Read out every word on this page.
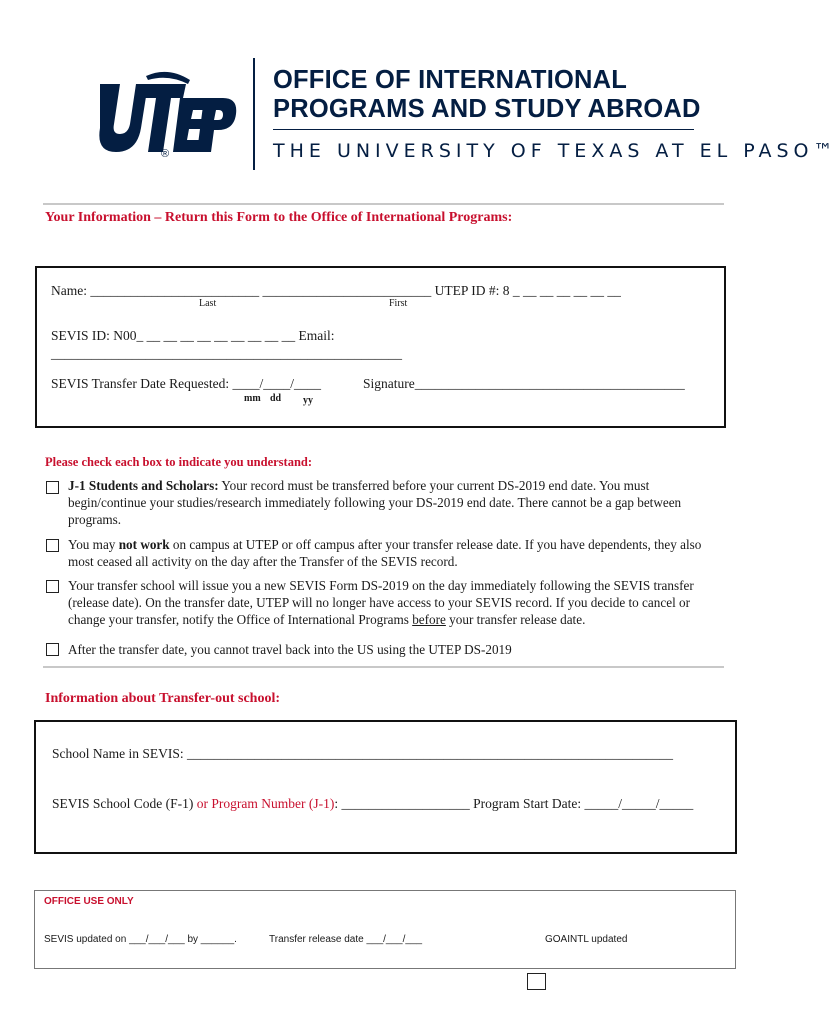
®
OFFICE OF INTERNATIONAL
PROGRAMS AND STUDY ABROAD
THE UNIVERSITY OF TEXAS AT EL PASO™
Your Information – Return this Form to the Office of International Programs:
Name: _________________________ _________________________ UTEP ID #: 8 _ __ __ __ __ __ __
Last	First
SEVIS ID: N00_ __ __ __ __ __ __ __ __ __ Email:
____________________________________________________
SEVIS Transfer Date Requested: ____/____/____	Signature________________________________________
mm dd yy
Please check each box to indicate you understand:
J-1 Students and Scholars: Your record must be transferred before your current DS-2019 end date. You must begin/continue your studies/research immediately following your DS-2019 end date. There cannot be a gap between programs.
You may not work on campus at UTEP or off campus after your transfer release date. If you have dependents, they also most ceased all activity on the day after the Transfer of the SEVIS record.
Your transfer school will issue you a new SEVIS Form DS-2019 on the day immediately following the SEVIS transfer (release date). On the transfer date, UTEP will no longer have access to your SEVIS record. If you decide to cancel or change your transfer, notify the Office of International Programs before your transfer release date.
After the transfer date, you cannot travel back into the US using the UTEP DS-2019
Information about Transfer-out school:
School Name in SEVIS: ________________________________________________________________________
SEVIS School Code (F-1) or Program Number (J-1): ___________________ Program Start Date: _____/_____/_____
OFFICE USE ONLY
SEVIS updated on ___/___/___ by ______.	Transfer release date ___/___/___	GOAINTL updated
